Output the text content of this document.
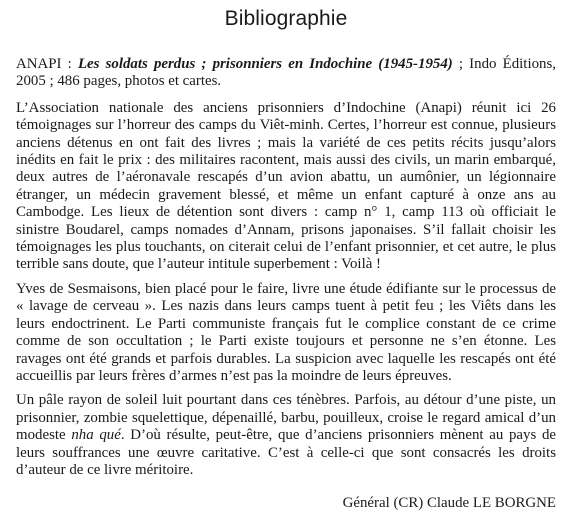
Bibliographie

ANAPI : Les soldats perdus ; prisonniers en Indochine (1945-1954) ; Indo Éditions, 2005 ; 486 pages, photos et cartes.

L’Association nationale des anciens prisonniers d’Indochine (Anapi) réunit ici 26 témoignages sur l’horreur des camps du Viêt-minh. Certes, l’horreur est connue, plusieurs anciens détenus en ont fait des livres ; mais la variété de ces petits récits jusqu’alors inédits en fait le prix : des militaires racontent, mais aussi des civils, un marin embarqué, deux autres de l’aéronavale rescapés d’un avion abattu, un aumônier, un légionnaire étranger, un médecin gravement blessé, et même un enfant capturé à onze ans au Cambodge. Les lieux de détention sont divers : camp n° 1, camp 113 où officiait le sinistre Boudarel, camps nomades d’Annam, prisons japonaises. S’il fallait choisir les témoignages les plus touchants, on citerait celui de l’enfant prisonnier, et cet autre, le plus terrible sans doute, que l’auteur intitule superbement : Voilà !

Yves de Sesmaisons, bien placé pour le faire, livre une étude édifiante sur le processus de « lavage de cerveau ». Les nazis dans leurs camps tuent à petit feu ; les Viêts dans les leurs endoctrinent. Le Parti communiste français fut le complice constant de ce crime comme de son occultation ; le Parti existe toujours et personne ne s’en étonne. Les ravages ont été grands et parfois durables. La suspicion avec laquelle les rescapés ont été accueillis par leurs frères d’armes n’est pas la moindre de leurs épreuves.

Un pâle rayon de soleil luit pourtant dans ces ténèbres. Parfois, au détour d’une piste, un prisonnier, zombie squelettique, dépenaillé, barbu, pouilleux, croise le regard amical d’un modeste nha qué. D’où résulte, peut-être, que d’anciens prisonniers mènent au pays de leurs souffrances une œuvre caritative. C’est à celle-ci que sont consacrés les droits d’auteur de ce livre méritoire.

Général (CR) Claude LE BORGNE
